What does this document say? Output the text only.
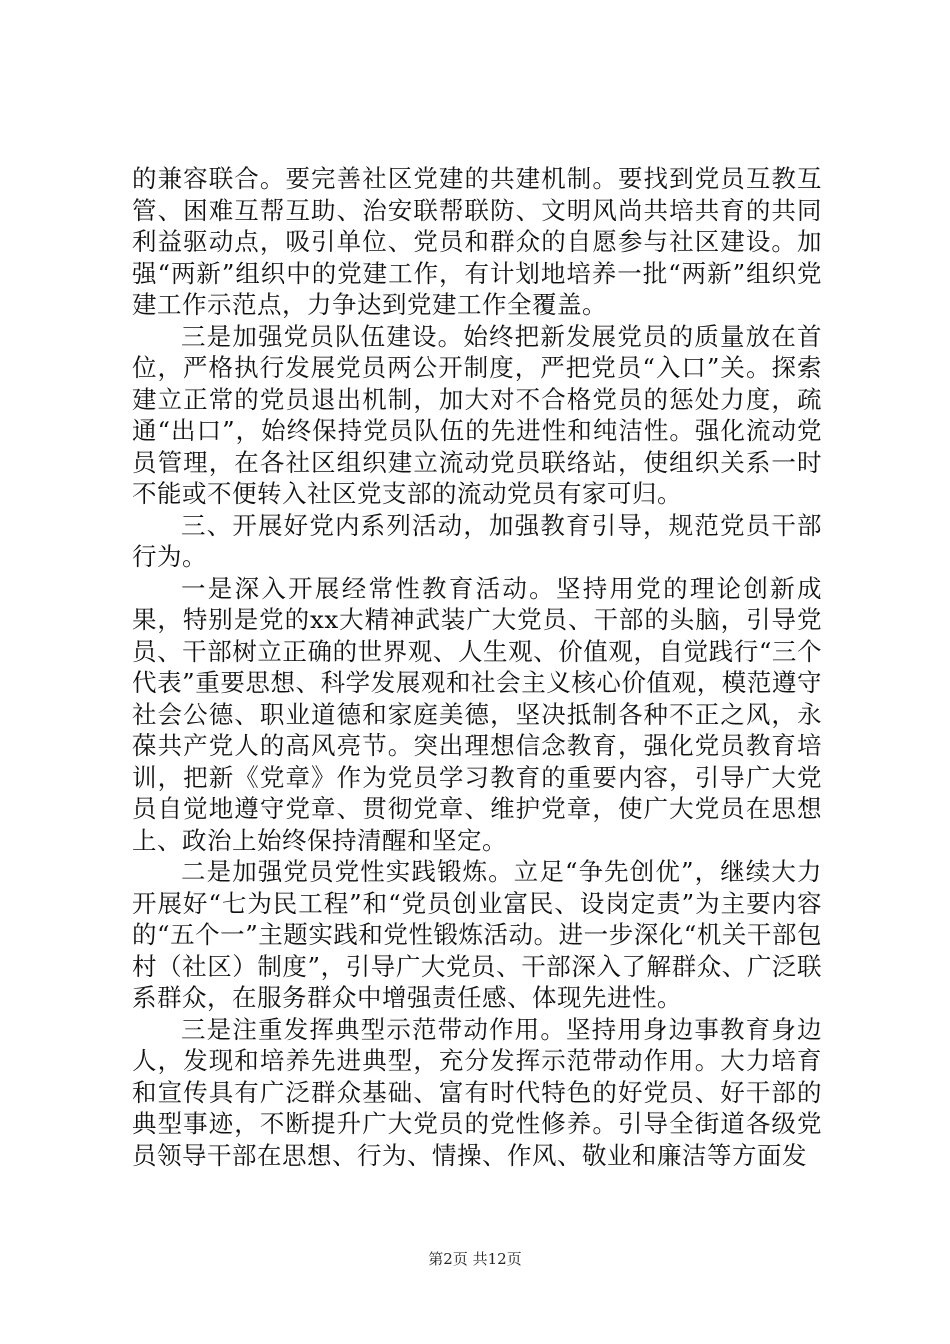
的兼容联合。要完善社区党建的共建机制。要找到党员互教互管、困难互帮互助、治安联帮联防、文明风尚共培共育的共同利益驱动点，吸引单位、党员和群众的自愿参与社区建设。加强“两新”组织中的党建工作，有计划地培养一批“两新”组织党建工作示范点，力争达到党建工作全覆盖。

三是加强党员队伍建设。始终把新发展党员的质量放在首位，严格执行发展党员两公开制度，严把党员“入口”关。探索建立正常的党员退出机制，加大对不合格党员的惩处力度，疏通“出口”，始终保持党员队伍的先进性和纯洁性。强化流动党员管理，在各社区组织建立流动党员联络站，使组织关系一时不能或不便转入社区党支部的流动党员有家可归。

三、开展好党内系列活动，加强教育引导，规范党员干部行为。

一是深入开展经常性教育活动。坚持用党的理论创新成果，特别是党的xx大精神武装广大党员、干部的头脑，引导党员、干部树立正确的世界观、人生观、价值观，自觉践行“三个代表”重要思想、科学发展观和社会主义核心价值观，模范遵守社会公德、职业道德和家庭美德，坚决抵制各种不正之风，永葆共产党人的高风亮节。突出理想信念教育，强化党员教育培训，把新《党章》作为党员学习教育的重要内容，引导广大党员自觉地遵守党章、贯彻党章、维护党章，使广大党员在思想上、政治上始终保持清醒和坚定。

二是加强党员党性实践锻炼。立足“争先创优”，继续大力开展好“七为民工程”和“党员创业富民、设岗定责”为主要内容的“五个一”主题实践和党性锻炼活动。进一步深化“机关干部包村（社区）制度”，引导广大党员、干部深入了解群众、广泛联系群众，在服务群众中增强责任感、体现先进性。

三是注重发挥典型示范带动作用。坚持用身边事教育身边人，发现和培养先进典型，充分发挥示范带动作用。大力培育和宣传具有广泛群众基础、富有时代特色的好党员、好干部的典型事迹，不断提升广大党员的党性修养。引导全街道各级党员领导干部在思想、行为、情操、作风、敬业和廉洁等方面发

第2页 共12页
